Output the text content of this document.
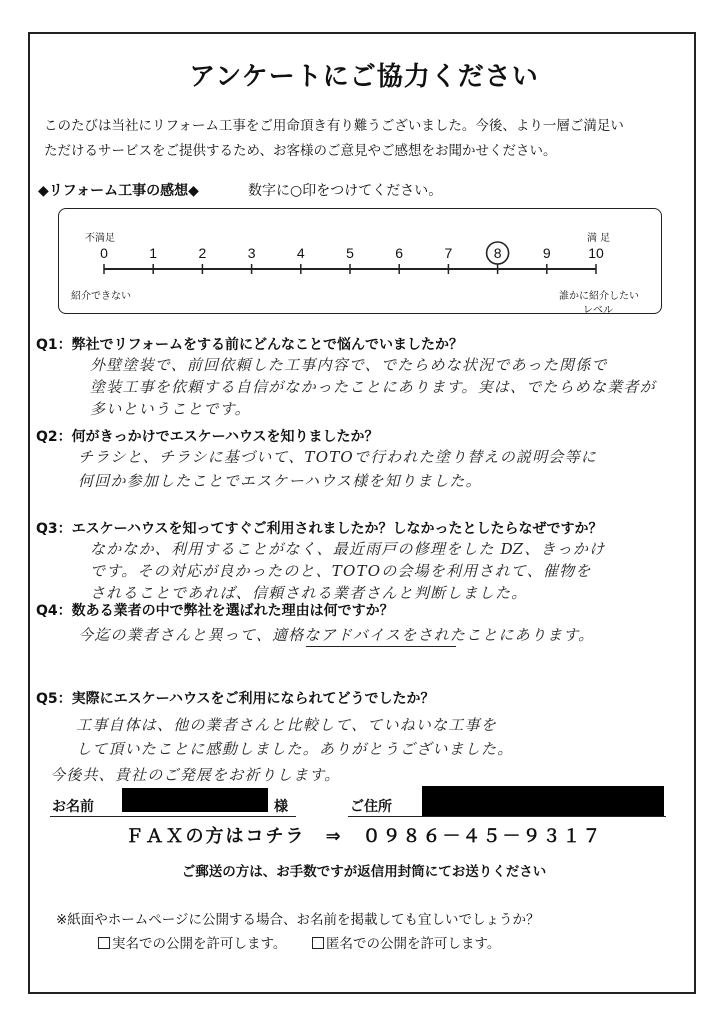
アンケートにご協力ください

このたびは当社にリフォーム工事をご用命頂き有り難うございました。今後、より一層ご満足い

ただけるサービスをご提供するため、お客様のご意見やご感想をお聞かせください。

◆リフォーム工事の感想◆	数字に○印をつけてください。
不満足	満 足
紹介できない	誰かに紹介したい
レベル
0	1	2	3	4	5	6	7	8	9	10
Q1：弊社でリフォームをする前にどんなことで悩んでいましたか？
外壁塗装で、前回依頼した工事内容で、でたらめな状況であった関係で
塗装工事を依頼する自信がなかったことにあります。実は、でたらめな業者が
多いということです。
Q2：何がきっかけでエスケーハウスを知りましたか？
チラシと、チラシに基づいて、TOTOで行われた塗り替えの説明会等に
何回か参加したことでエスケーハウス様を知りました。
Q3：エスケーハウスを知ってすぐご利用されましたか？しなかったとしたらなぜですか？
なかなか、利用することがなく、最近雨戸の修理をした Ǳ、きっかけ
です。その対応が良かったのと、TOTOの会場を利用されて、催物を
されることであれば、信頼される業者さんと判断しました。
Q4：数ある業者の中で弊社を選ばれた理由は何ですか？
今迄の業者さんと異って、適格なアドバイスをされたことにあります。
Q5：実際にエスケーハウスをご利用になられてどうでしたか？
工事自体は、他の業者さんと比較して、ていねいな工事を
して頂いたことに感動しました。ありがとうございました。
今後共、貴社のご発展をお祈りします。
お名前	様	ご住所
ＦＡＸの方はコチラ　⇒　０９８６－４５－９３１７
ご郵送の方は、お手数ですが返信用封筒にてお送りください
※紙面やホームページに公開する場合、お名前を掲載しても宜しいでしょうか？
実名での公開を許可します。	匿名での公開を許可します。
